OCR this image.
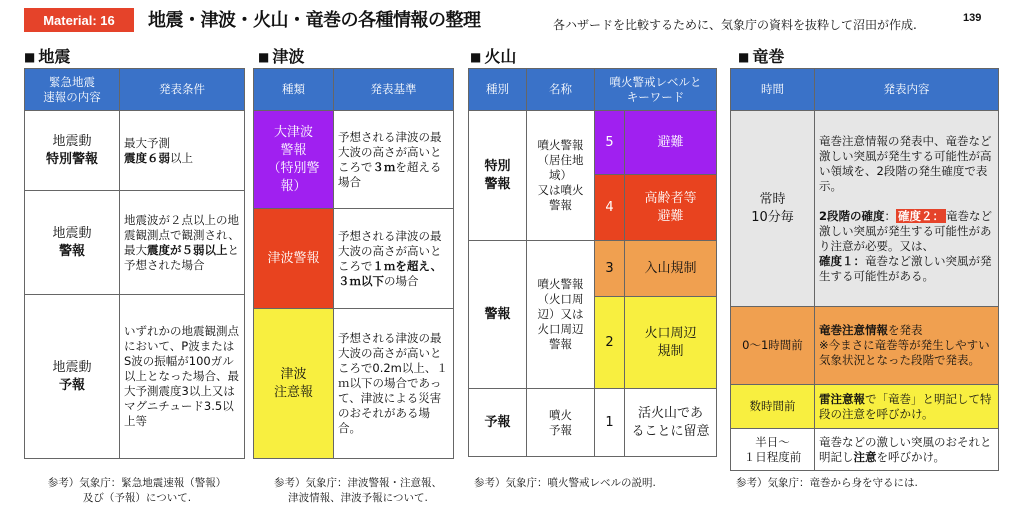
Material: 16	地震・津波・火山・竜巻の各種情報の整理	各ハザードを比較するために、気象庁の資料を抜粋して沼田が作成.	139
■ 地震
緊急地震
速報の内容	発表条件
地震動
特別警報	最大予測
震度６弱以上
地震動
警報	地震波が２点以上の地震観測点で観測され、最大震度が５弱以上と予想された場合
地震動
予報	いずれかの地震観測点において、P波またはS波の振幅が100ガル以上となった場合、最大予測震度3以上又はマグニチュード3.5以上等
参考）気象庁：緊急地震速報（警報）
及び（予報）について.
■ 津波
種類	発表基準
大津波
警報
（特別警
報）	予想される津波の最大波の高さが高いところで３ｍを超える場合
津波警報	予想される津波の最大波の高さが高いところで１ｍを超え、３ｍ以下の場合
津波
注意報	予想される津波の最大波の高さが高いところで0.2m以上、１ｍ以下の場合であって、津波による災害のおそれがある場合。
参考）気象庁：津波警報・注意報、
津波情報、津波予報について.
■ 火山
種別	名称	噴火警戒レベルと
キーワード	
特別
警報	噴火警報
（居住地
域）
又は噴火
警報	5	避難
		4	高齢者等
避難
警報	噴火警報
（火口周
辺）又は
火口周辺
警報	3	入山規制
		2	火口周辺
規制
予報	噴火
予報	1	活火山であ
ることに留意
参考）気象庁：噴火警戒レベルの説明.
■ 竜巻
時間	発表内容
常時
10分毎	竜巻注意情報の発表中、竜巻など激しい突風が発生する可能性が高い領域を、2段階の発生確度で表示。

2段階の確度： 確度２： 竜巻など激しい突風が発生する可能性があり注意が必要。又は、
確度１：竜巻など激しい突風が発生する可能性がある。
0〜1時間前	竜巻注意情報を発表
※今まさに竜巻等が発生しやすい気象状況となった段階で発表。
数時間前	雷注意報で「竜巻」と明記して特段の注意を呼びかけ。
半日〜
１日程度前	竜巻などの激しい突風のおそれと明記し注意を呼びかけ。
参考）気象庁：竜巻から身を守るには.
